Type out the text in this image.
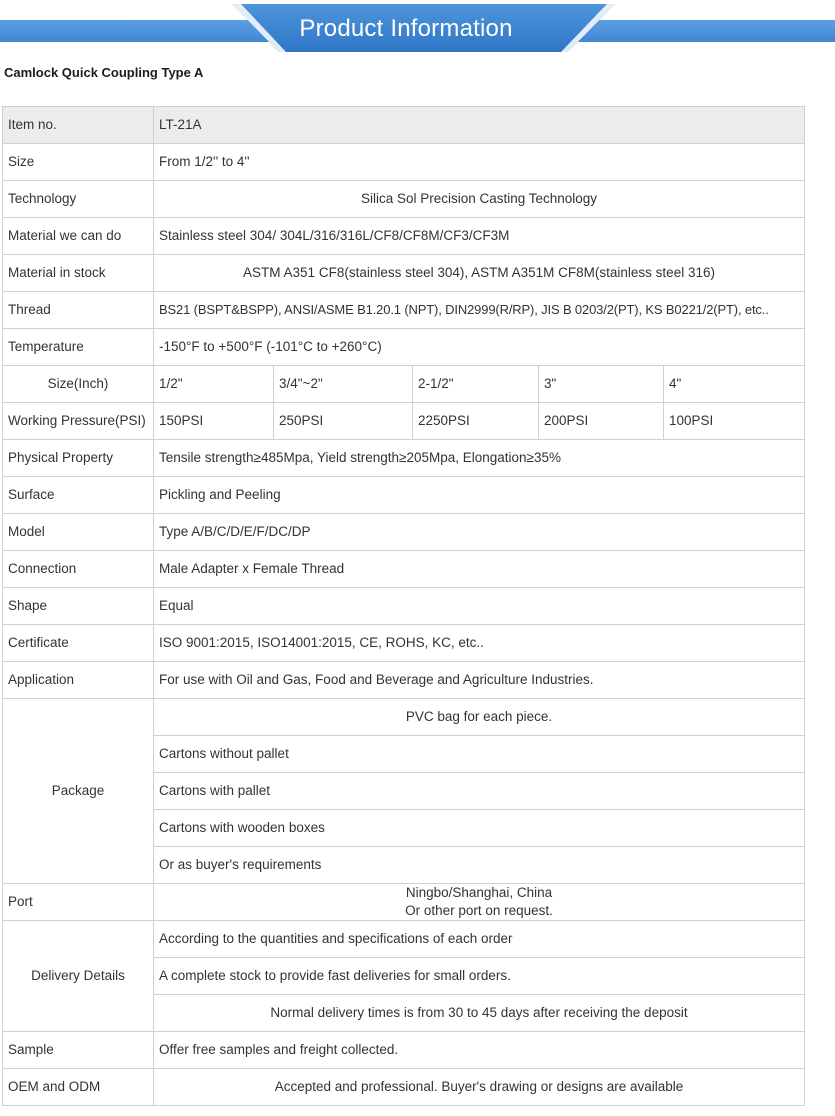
Product Information
Camlock Quick Coupling Type A
Item no.	LT-21A				
Size	From 1/2'' to 4''				
Technology	Silica Sol Precision Casting Technology				
Material we can do	Stainless steel 304/ 304L/316/316L/CF8/CF8M/CF3/CF3M				
Material in stock	ASTM A351 CF8(stainless steel 304), ASTM A351M CF8M(stainless steel 316)				
Thread	BS21 (BSPT&BSPP), ANSI/ASME B1.20.1 (NPT), DIN2999(R/RP), JIS B 0203/2(PT), KS B0221/2(PT), etc..				
Temperature	-150°F to +500°F (-101°C to +260°C)				
Size(Inch)	1/2"	3/4"~2"	2-1/2"	3"	4"
Working Pressure(PSI)	150PSI	250PSI	2250PSI	200PSI	100PSI
Physical Property	Tensile strength≥485Mpa, Yield strength≥205Mpa, Elongation≥35%				
Surface	Pickling and Peeling				
Model	Type A/B/C/D/E/F/DC/DP				
Connection	Male Adapter x Female Thread				
Shape	Equal				
Certificate	ISO 9001:2015, ISO14001:2015, CE, ROHS, KC, etc..				
Application	For use with Oil and Gas, Food and Beverage and Agriculture Industries.				
Package	PVC bag for each piece.				
	Cartons without pallet				
	Cartons with pallet				
	Cartons with wooden boxes				
	Or as buyer's requirements				
Port	Ningbo/Shanghai, China
Or other port on request.				

Delivery Details	According to the quantities and specifications of each order				
	A complete stock to provide fast deliveries for small orders.				
	Normal delivery times is from 30 to 45 days after receiving the deposit				
Sample	Offer free samples and freight collected.				
OEM and ODM	Accepted and professional. Buyer's drawing or designs are available				
